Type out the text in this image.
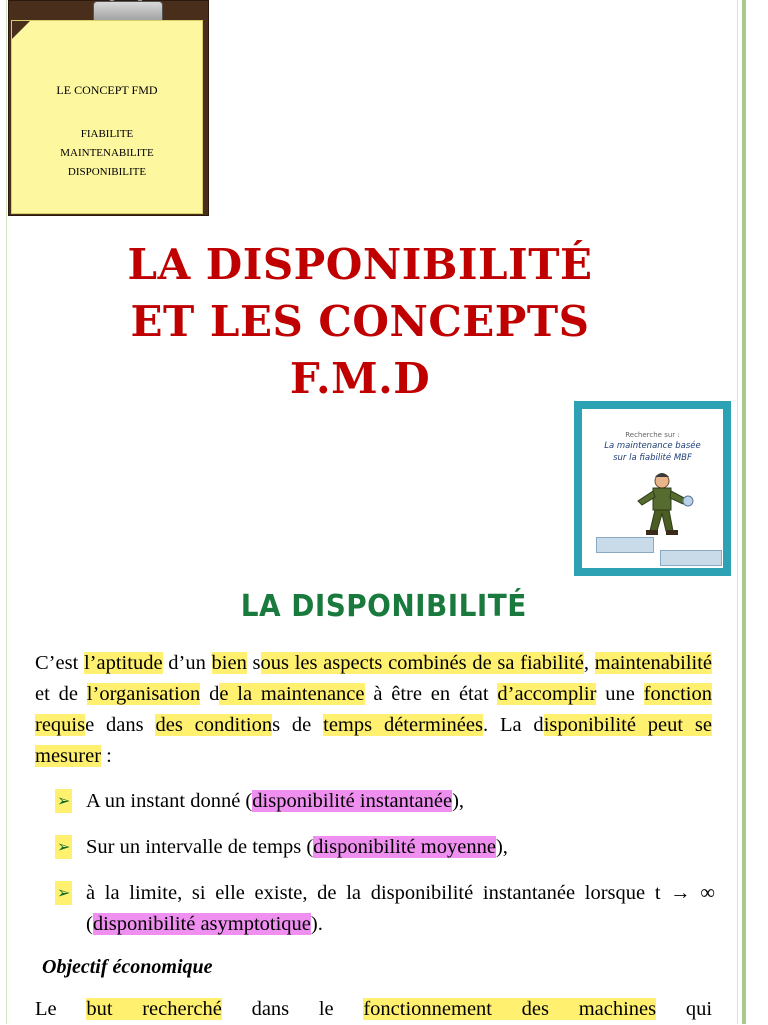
LE CONCEPT FMD
FIABILITE
MAINTENABILITE
DISPONIBILITE
LA DISPONIBILITÉ
ET LES CONCEPTS
F.M.D
Recherche sur :
La maintenance basée
sur la fiabilité MBF
LA DISPONIBILITÉ
C’est l’aptitude d’un bien sous les aspects combinés de sa fiabilité, maintenabilité et de l’organisation de la maintenance à être en état d’accomplir une fonction requise dans des conditions de temps déterminées. La disponibilité peut se mesurer :
➢ A un instant donné (disponibilité instantanée),
➢ Sur un intervalle de temps (disponibilité moyenne),
➢ à la limite, si elle existe, de la disponibilité instantanée lorsque t → ∞ (disponibilité asymptotique).
Objectif économique
Le but recherché dans le fonctionnement des machines qui
